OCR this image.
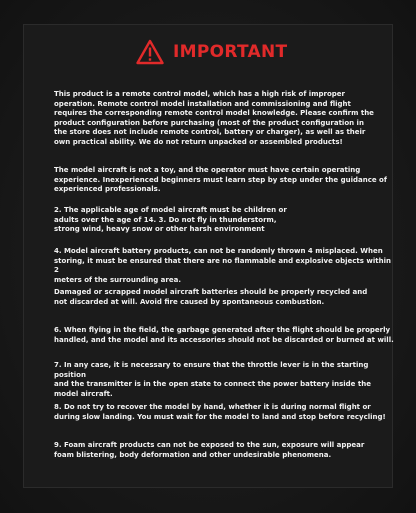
IMPORTANT
This product is a remote control model, which has a high risk of improper
operation. Remote control model installation and commissioning and flight
requires the corresponding remote control model knowledge. Please confirm the
product configuration before purchasing (most of the product configuration in
the store does not include remote control, battery or charger), as well as their
own practical ability. We do not return unpacked or assembled products!
The model aircraft is not a toy, and the operator must have certain operating
experience. Inexperienced beginners must learn step by step under the guidance of
experienced professionals.
2. The applicable age of model aircraft must be children or
adults over the age of 14. 3. Do not fly in thunderstorm,
strong wind, heavy snow or other harsh environment
4. Model aircraft battery products, can not be randomly thrown 4 misplaced. When
storing, it must be ensured that there are no flammable and explosive objects within 2
meters of the surrounding area.
Damaged or scrapped model aircraft batteries should be properly recycled and
not discarded at will. Avoid fire caused by spontaneous combustion.
6. When flying in the field, the garbage generated after the flight should be properly
handled, and the model and its accessories should not be discarded or burned at will.
7. In any case, it is necessary to ensure that the throttle lever is in the starting position
and the transmitter is in the open state to connect the power battery inside the
model aircraft.
8. Do not try to recover the model by hand, whether it is during normal flight or
during slow landing. You must wait for the model to land and stop before recycling!
9. Foam aircraft products can not be exposed to the sun, exposure will appear
foam blistering, body deformation and other undesirable phenomena.
